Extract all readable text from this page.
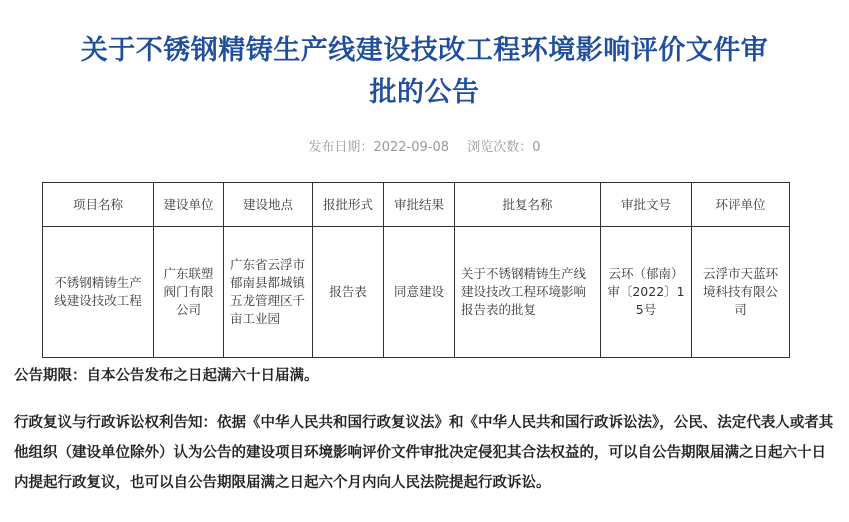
关于不锈钢精铸生产线建设技改工程环境影响评价文件审
批的公告
发布日期：2022-09-08 浏览次数：0
项目名称	建设单位	建设地点	报批形式	审批结果	批复名称	审批文号	环评单位
不锈钢精铸生产线建设技改工程	广东联塑阀门有限公司	广东省云浮市郁南县都城镇五龙管理区千亩工业园	报告表	同意建设	关于不锈钢精铸生产线建设技改工程环境影响报告表的批复	云环（郁南）审〔2022〕15号	云浮市天蓝环境科技有限公司

公告期限：自本公告发布之日起满六十日届满。

行政复议与行政诉讼权利告知：依据《中华人民共和国行政复议法》和《中华人民共和国行政诉讼法》，公民、法定代表人或者其他组织（建设单位除外）认为公告的建设项目环境影响评价文件审批决定侵犯其合法权益的，可以自公告期限届满之日起六十日内提起行政复议，也可以自公告期限届满之日起六个月内向人民法院提起行政诉讼。
